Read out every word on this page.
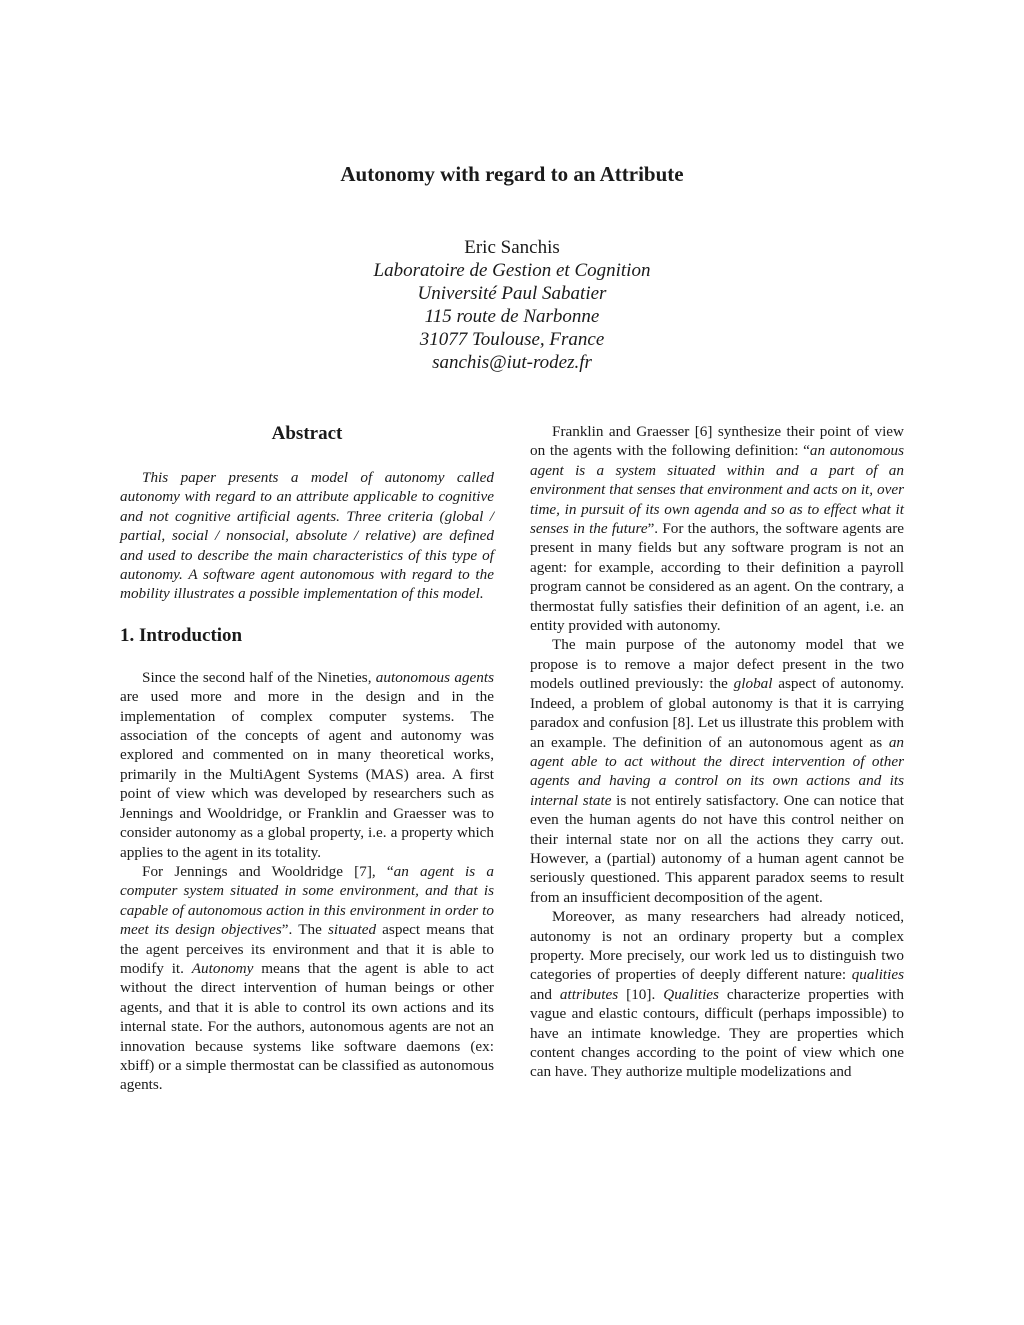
Autonomy with regard to an Attribute
Eric Sanchis
Laboratoire de Gestion et Cognition
Université Paul Sabatier
115 route de Narbonne
31077 Toulouse, France
sanchis@iut-rodez.fr
Abstract

This paper presents a model of autonomy called autonomy with regard to an attribute applicable to cognitive and not cognitive artificial agents. Three criteria (global / partial, social / nonsocial, absolute / relative) are defined and used to describe the main characteristics of this type of autonomy. A software agent autonomous with regard to the mobility illustrates a possible implementation of this model.

1. Introduction

Since the second half of the Nineties, autonomous agents are used more and more in the design and in the implementation of complex computer systems. The association of the concepts of agent and autonomy was explored and commented on in many theoretical works, primarily in the MultiAgent Systems (MAS) area. A first point of view which was developed by researchers such as Jennings and Wooldridge, or Franklin and Graesser was to consider autonomy as a global property, i.e. a property which applies to the agent in its totality.

For Jennings and Wooldridge [7], “an agent is a computer system situated in some environment, and that is capable of autonomous action in this environment in order to meet its design objectives”. The situated aspect means that the agent perceives its environment and that it is able to modify it. Autonomy means that the agent is able to act without the direct intervention of human beings or other agents, and that it is able to control its own actions and its internal state. For the authors, autonomous agents are not an innovation because systems like software daemons (ex: xbiff) or a simple thermostat can be classified as autonomous agents.

Franklin and Graesser [6] synthesize their point of view on the agents with the following definition: “an autonomous agent is a system situated within and a part of an environment that senses that environment and acts on it, over time, in pursuit of its own agenda and so as to effect what it senses in the future”. For the authors, the software agents are present in many fields but any software program is not an agent: for example, according to their definition a payroll program cannot be considered as an agent. On the contrary, a thermostat fully satisfies their definition of an agent, i.e. an entity provided with autonomy.

The main purpose of the autonomy model that we propose is to remove a major defect present in the two models outlined previously: the global aspect of autonomy. Indeed, a problem of global autonomy is that it is carrying paradox and confusion [8]. Let us illustrate this problem with an example. The definition of an autonomous agent as an agent able to act without the direct intervention of other agents and having a control on its own actions and its internal state is not entirely satisfactory. One can notice that even the human agents do not have this control neither on their internal state nor on all the actions they carry out. However, a (partial) autonomy of a human agent cannot be seriously questioned. This apparent paradox seems to result from an insufficient decomposition of the agent.

Moreover, as many researchers had already noticed, autonomy is not an ordinary property but a complex property. More precisely, our work led us to distinguish two categories of properties of deeply different nature: qualities and attributes [10]. Qualities characterize properties with vague and elastic contours, difficult (perhaps impossible) to have an intimate knowledge. They are properties which content changes according to the point of view which one can have. They authorize multiple modelizations and
